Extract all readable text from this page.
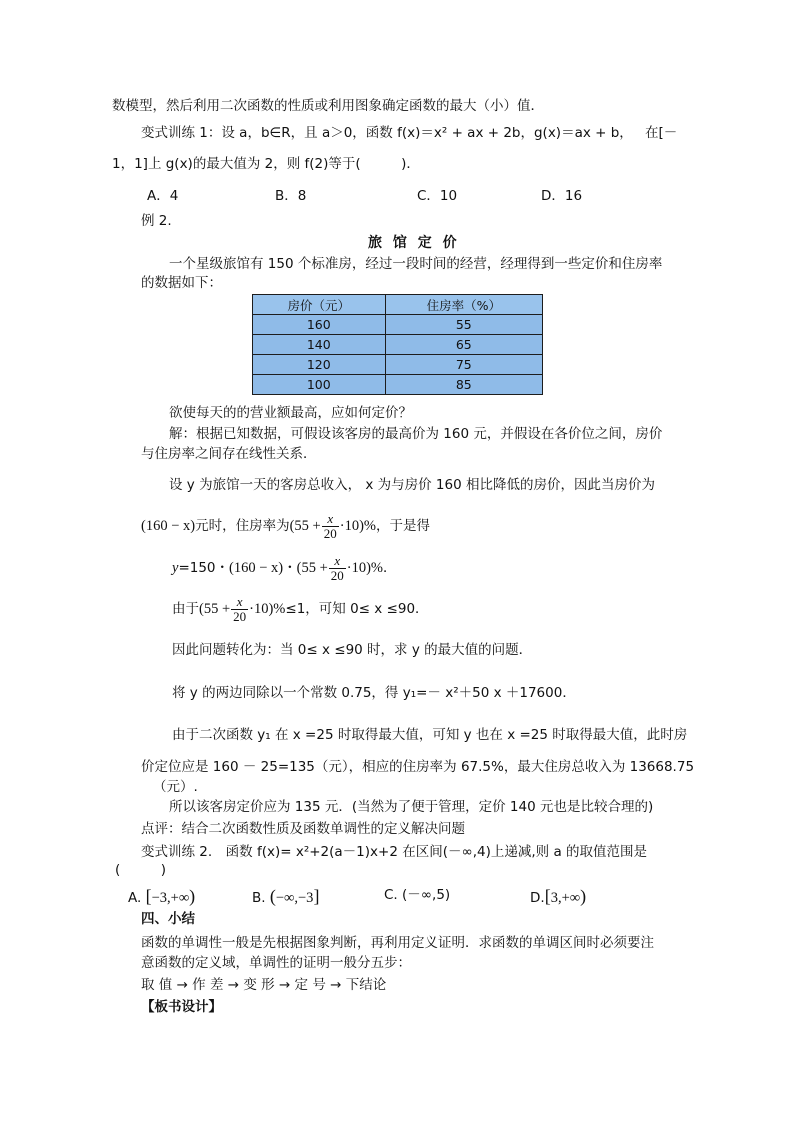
数模型，然后利用二次函数的性质或利用图象确定函数的最大（小）值．
变式训练 1：设 a，b∈R，且 a＞0，函数 f(x)＝x² + ax + 2b，g(x)＝ax + b， 在[－
1，1]上 g(x)的最大值为 2，则 f(2)等于(　　　)．
A．4	B．8	C．10	D．16
例 2.
旅 馆 定 价
一个星级旅馆有 150 个标准房，经过一段时间的经营，经理得到一些定价和住房率
的数据如下：
房价（元）	住房率（%）
160	55
140	65
120	75
100	85
欲使每天的的营业额最高，应如何定价？
解：根据已知数据，可假设该客房的最高价为 160 元，并假设在各价位之间，房价
与住房率之间存在线性关系．
设 y 为旅馆一天的客房总收入， x 为与房价 160 相比降低的房价，因此当房价为
(160 − x)元时，住房率为$(55 + \frac{x}{20} \cdot 10)\%$，于是得
y=150・(160 − x)・$(55 + \frac{x}{20} \cdot 10)\%$．
由于$(55 + \frac{x}{20} \cdot 10)\%\le 1$，可知 0≤ x ≤90．
因此问题转化为：当 0≤ x ≤90 时，求 y 的最大值的问题．
将 y 的两边同除以一个常数 0.75，得 y₁=－ x²＋50 x ＋17600．
由于二次函数 y₁ 在 x =25 时取得最大值，可知 y 也在 x =25 时取得最大值，此时房
价定位应是 160 － 25=135（元），相应的住房率为 67.5%，最大住房总收入为 13668.75
（元）.
所以该客房定价应为 135 元．(当然为了便于管理，定价 140 元也是比较合理的)
点评：结合二次函数性质及函数单调性的定义解决问题
变式训练 2.　函数 f(x)= x²+2(a－1)x+2 在区间(－∞,4)上递减,则 a 的取值范围是
(　　　)
A. [−3,+∞)	B. (−∞,−3]	C. (－∞,5)	D.[3,+∞)
四、小结
函数的单调性一般是先根据图象判断，再利用定义证明．求函数的单调区间时必须要注
意函数的定义域，单调性的证明一般分五步：
取 值 → 作 差 → 变 形 → 定 号 → 下结论
【板书设计】
